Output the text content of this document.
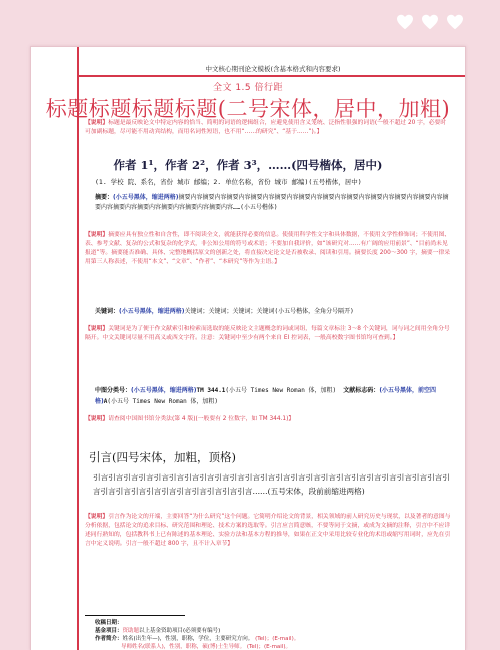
中文核心期刊论文模板(含基本格式和内容要求)
全文 1.5 倍行距
标题标题标题标题(二号宋体，居中，加粗)
【说明】标题是最反映论文中特定内容的恰当、简明的词语的逻辑组合，应避免使用含义笼统、泛指性很强的词语(一般不超过 20 字，必要时可加副标题，尽可能不用动宾结构，而用名词性短语，也不用“……的研究”、“基于……”)。】
作者 1¹，作者 2²，作者 3³，……(四号楷体，居中)
(1. 学校 院、系名，省份 城市 邮编；2. 单位名称，省份 城市 邮编)(五号楷体，居中)
摘要：(小五号黑体，缩进两格)摘要内容摘要内容摘要内容摘要内容摘要内容摘要内容摘要内容摘要内容摘要内容摘要内容摘要内容摘要内容摘要内容摘要内容摘要内容摘要内容摘要内容……(小五号楷体)
【说明】摘要应具有独立性和自含性，即不阅读全文，就能获得必要的信息。使使用科学性文字和具体数据，不使用文学性修饰词；不使用图、表、参考文献、复杂的公式和复杂的化学式，非公知公用的符号或术语；不要加自我评价，如“该研究对……有广阔的应用前景”、“目前尚未见报道”等。摘要能否准确、具体、完整地概括原文的创新之处，将直接决定论文是否被收录、阅读和引用。摘要长度 200～300 字，摘要一律采用第三人称表述，不使用“本文”、“文章”、“作者”、“本研究”等作为主语。】
关键词：(小五号黑体，缩进两格)关键词；关键词；关键词；关键词(小五号楷体，全角分号隔开)
【说明】关键词是为了便于作文献索引和检索而选取的能反映论文主题概念的词或词组，每篇文章标注 3～8 个关键词，词与词之间用全角分号隔开。中文关键词尽量不用高义或西文字符。注意：关键词中至少有两个来自 EI 控词表，一般高校数字图书馆均可查到。】
中图分类号：(小五号黑体，缩进两格)TM 344.1(小五号 Times New Roman 体，加粗) 文献标志码：(小五号黑体，前空四格)A(小五号 Times New Roman 体，加粗)
【说明】请查阅中国图书馆分类法(第 4 版)(一般要有 2 位数字，如 TM 344.1)】
引言(四号宋体，加粗，顶格)
引言引言引言引言引言引言引言引言引言引言引言引言引言引言引言引言引言引言引言引言引言引言引言引言引言引言引言引言引言引言引言引言引言引言……(五号宋体，段前前缩进两格)
【说明】引言作为论文的开端，主要回答“为什么研究”这个问题。它简明介绍论文的背景，相关领域的前人研究历史与现状，以及著者的意图与分析依据，包括论文的追求目标、研究范围和理论、技术方案的选取等。引言应言简意赅，不要等同于文摘，或成为文摘的注释，引言中不应详述同行熟知的，包括教科书上已有陈述的基本理论、实验方法和基本方程的推导，如果在正文中采用比较专业化的术语或缩写用词时，应先在引言中定义说明。引言一般不超过 800 字，且不计入章节】
收稿日期：
基金项目：资助题以上基金资助项目(必须要有编号)
作者简介：姓名(出生年—)，性别，职称，学位，主要研究方向。 (Tel)；(E-mail)。
导师姓名(联系人)，性别，职称，硕(博)士生导师。 (Tel)；(E-mail)。
